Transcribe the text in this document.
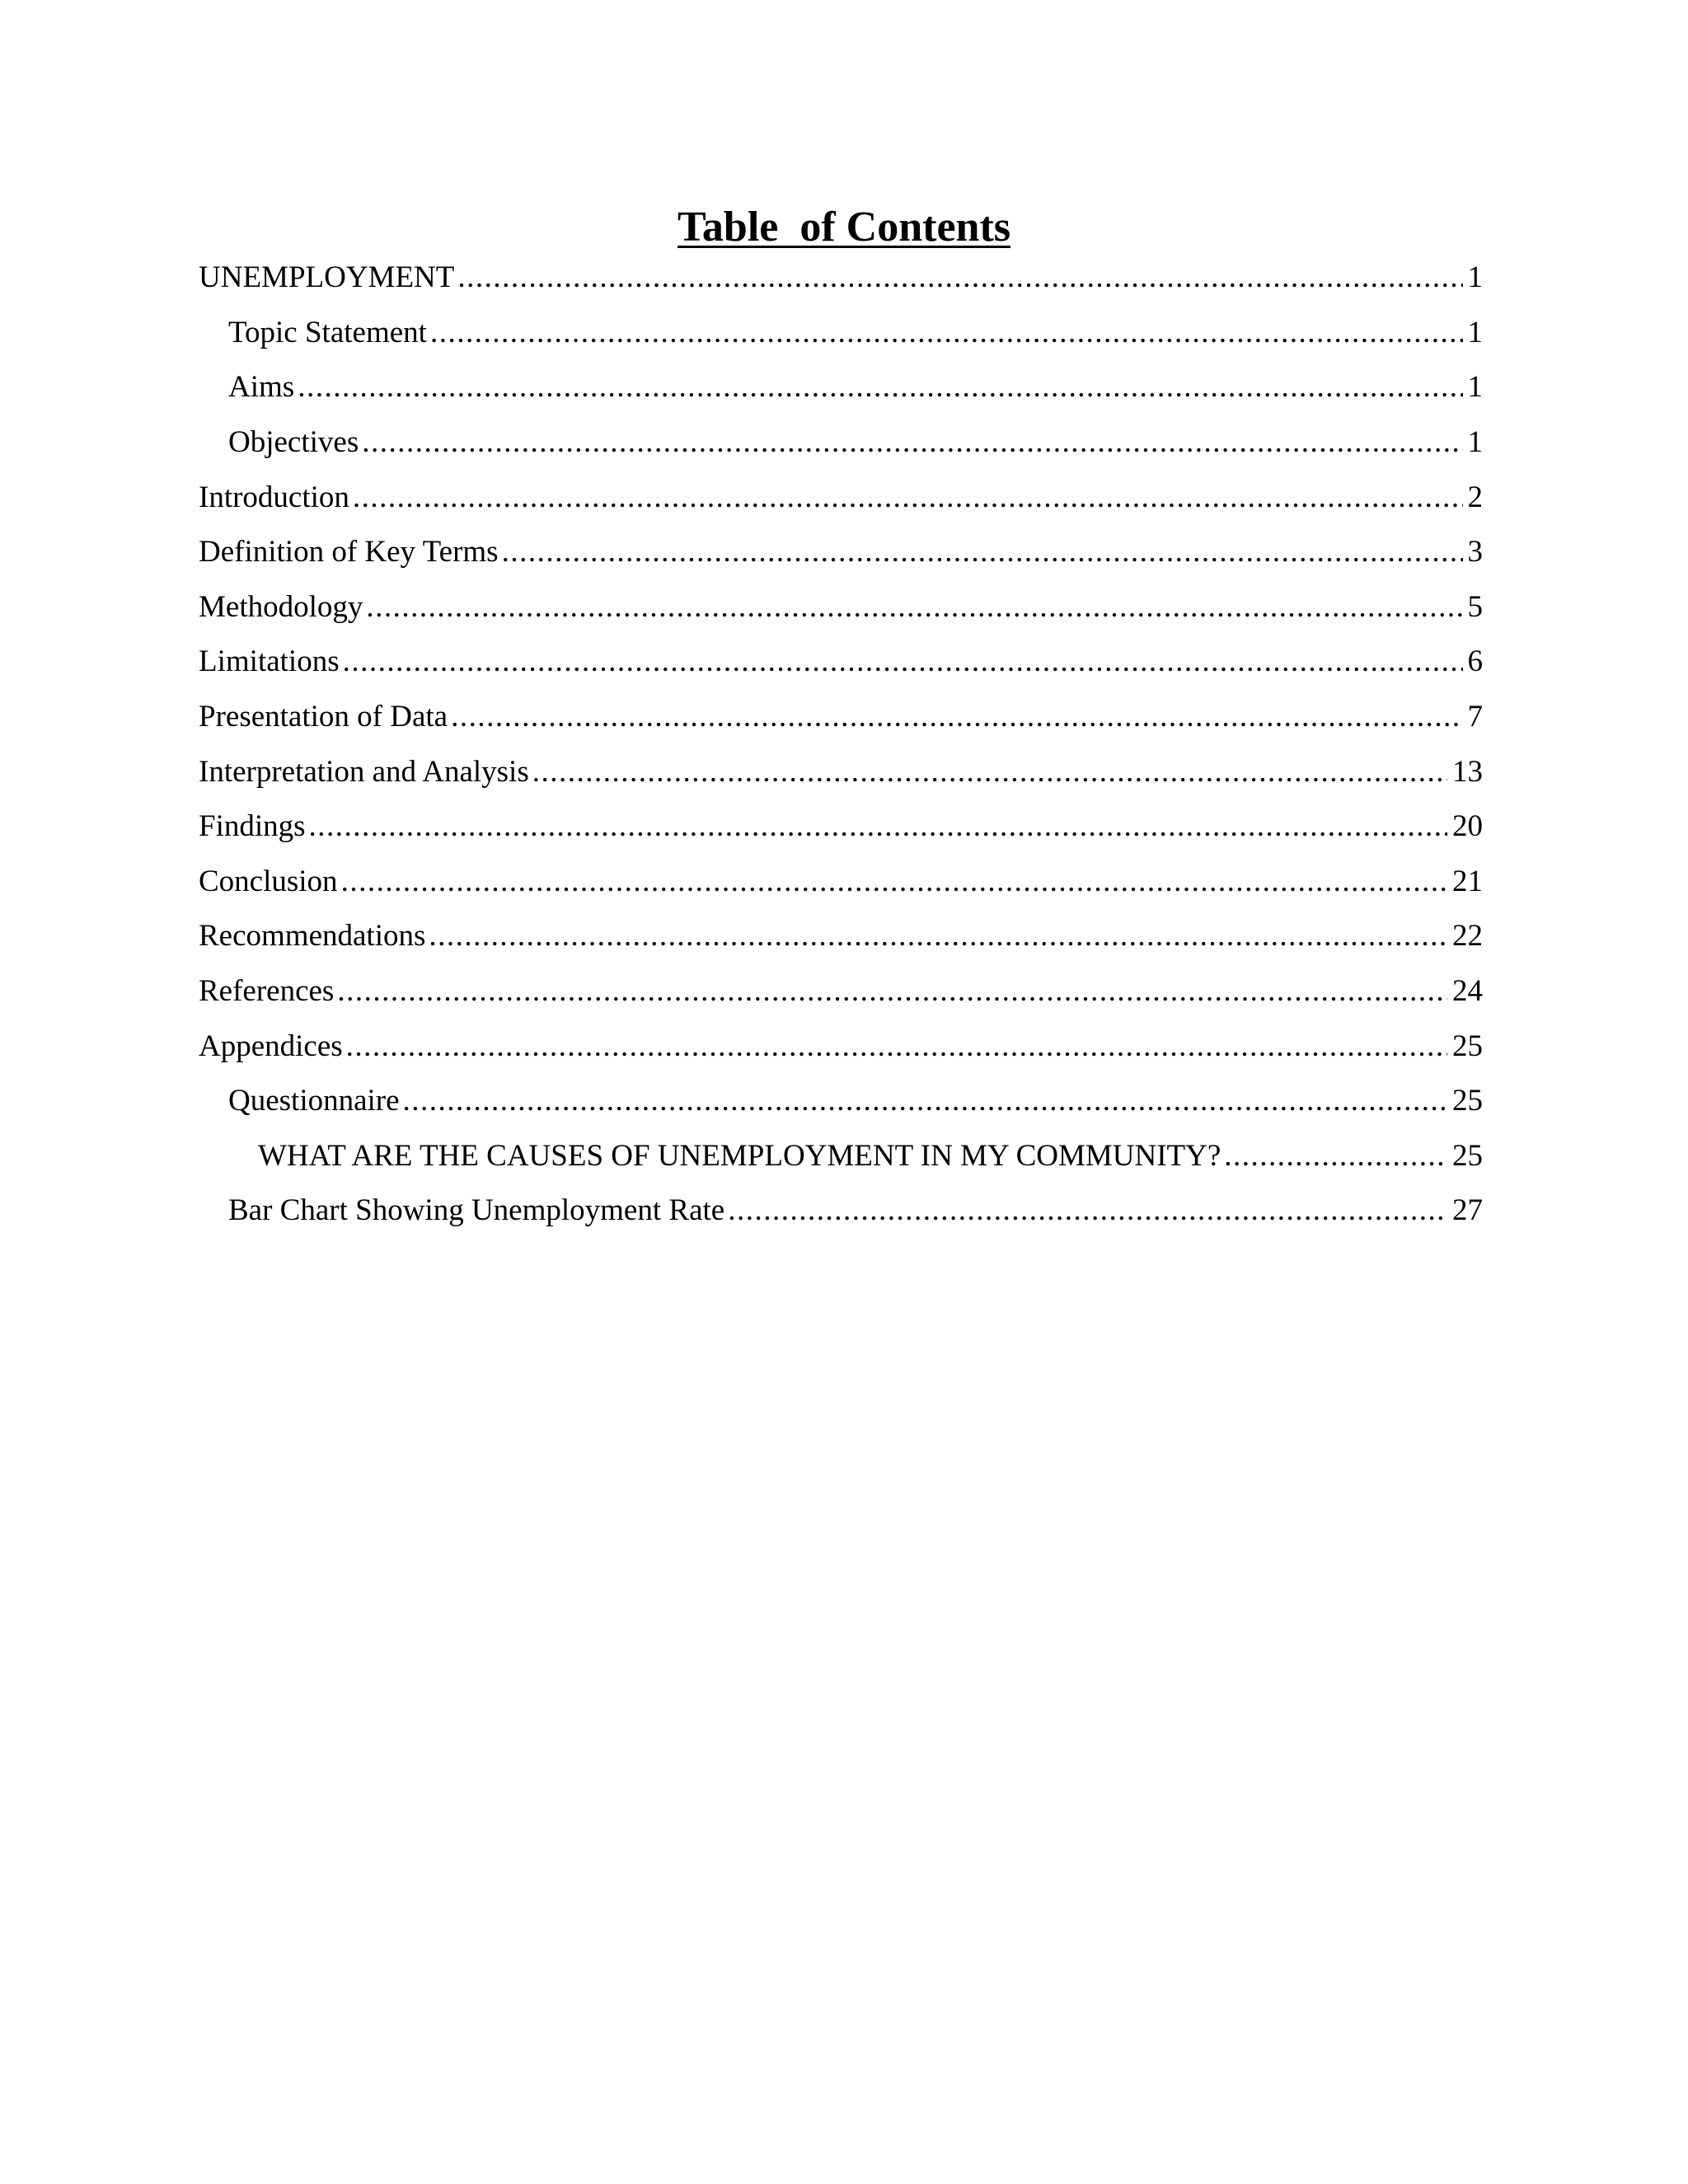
Table  of Contents
UNEMPLOYMENT .....	1
Topic Statement .....	1
Aims .....	1
Objectives .....	1
Introduction .....	2
Definition of Key Terms .....	3
Methodology .....	5
Limitations .....	6
Presentation of Data .....	7
Interpretation and Analysis .....	13
Findings .....	20
Conclusion .....	21
Recommendations .....	22
References .....	24
Appendices .....	25
Questionnaire .....	25
WHAT ARE THE CAUSES OF UNEMPLOYMENT IN MY COMMUNITY? .....	25
Bar Chart Showing Unemployment Rate .....	27
